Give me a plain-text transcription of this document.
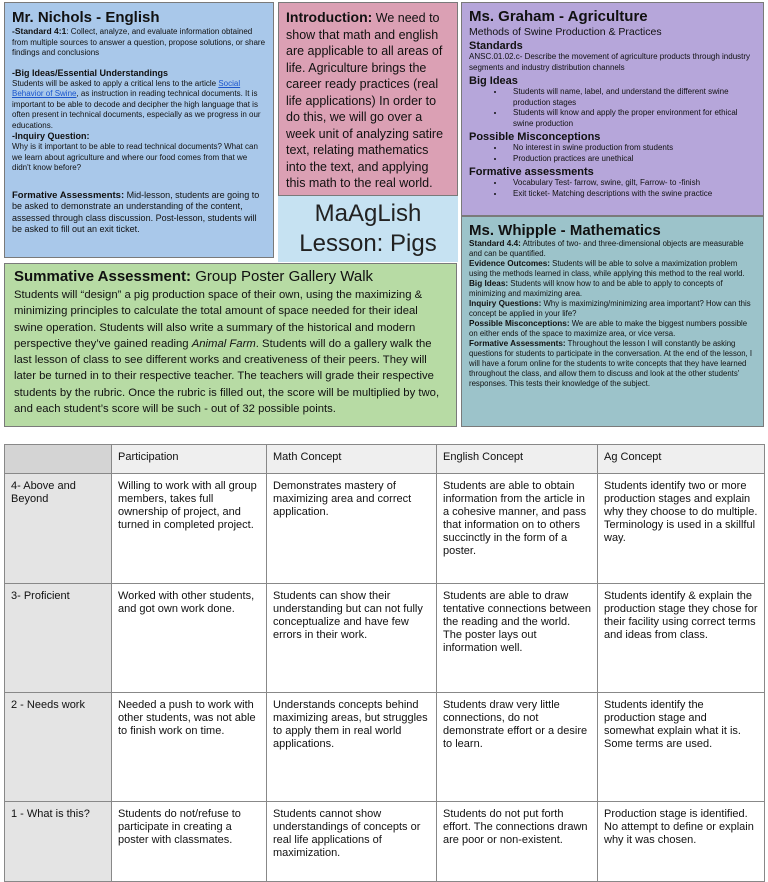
Mr. Nichols - English

-Standard 4:1: Collect, analyze, and evaluate information obtained from multiple sources to answer a question, propose solutions, or share findings and conclusions

-Big Ideas/Essential Understandings

Students will be asked to apply a critical lens to the article Social Behavior of Swine, as instruction in reading technical documents. It is important to be able to decode and decipher the high language that is often present in technical documents, especially as we progress in our educations.

-Inquiry Question:

Why is it important to be able to read technical documents? What can we learn about agriculture and where our food comes from that we didn't know before?

Formative Assessments: Mid-lesson, students are going to be asked to demonstrate an understanding of the content, assessed through class discussion. Post-lesson, students will be asked to fill out an exit ticket.

Introduction: We need to show that math and english are applicable to all areas of life. Agriculture brings the career ready practices (real life applications) In order to do this, we will go over a week unit of analyzing satire text, relating mathematics into the text, and applying this math to the real world.

MaAgLish
Lesson: Pigs
Ms. Graham - Agriculture

Methods of Swine Production & Practices

Standards

ANSC.01.02.c- Describe the movement of agriculture products through industry segments and industry distribution channels

Big Ideas

• Students will name, label, and understand the different swine production stages
• Students will know and apply the proper environment for ethical swine production

Possible Misconceptions

• No interest in swine production from students
• Production practices are unethical

Formative assessments

• Vocabulary Test- farrow, swine, gilt, Farrow- to -finish
• Exit ticket- Matching descriptions with the swine practice
Ms. Whipple - Mathematics

Standard 4.4: Attributes of two- and three-dimensional objects are measurable and can be quantified.

Evidence Outcomes: Students will be able to solve a maximization problem using the methods learned in class, while applying this method to the real world.

Big Ideas: Students will know how to and be able to apply to concepts of minimizing and maximizing area.

Inquiry Questions: Why is maximizing/minimizing area important? How can this concept be applied in your life?

Possible Misconceptions: We are able to make the biggest numbers possible on either ends of the space to maximize area, or vice versa.

Formative Assessments: Throughout the lesson I will constantly be asking questions for students to participate in the conversation. At the end of the lesson, I will have a forum online for the students to write concepts that they have learned throughout the class, and allow them to discuss and look at the other students' responses. This tests their knowledge of the subject.

Summative Assessment: Group Poster Gallery Walk

Students will “design” a pig production space of their own, using the maximizing & minimizing principles to calculate the total amount of space needed for their ideal swine operation. Students will also write a summary of the historical and modern perspective they’ve gained reading Animal Farm. Students will do a gallery walk the last lesson of class to see different works and creativeness of their peers. They will later be turned in to their respective teacher. The teachers will grade their respective students by the rubric. Once the rubric is filled out, the score will be multiplied by two, and each student’s score will be such - out of 32 possible points.

	Participation	Math Concept	English Concept	Ag Concept
4- Above and Beyond	Willing to work with all group members, takes full ownership of project, and turned in completed project.	Demonstrates mastery of maximizing area and correct application.	Students are able to obtain information from the article in a cohesive manner, and pass that information on to others succinctly in the form of a poster.	Students identify two or more production stages and explain why they choose to do multiple. Terminology is used in a skillful way.
3- Proficient	Worked with other students, and got own work done.	Students can show their understanding but can not fully conceptualize and have few errors in their work.	Students are able to draw tentative connections between the reading and the world. The poster lays out information well.	Students identify & explain the production stage they chose for their facility using correct terms and ideas from class.
2 - Needs work	Needed a push to work with other students, was not able to finish work on time.	Understands concepts behind maximizing areas, but struggles to apply them in real world applications.	Students draw very little connections, do not demonstrate effort or a desire to learn.	Students identify the production stage and somewhat explain what it is. Some terms are used.
1 - What is this?	Students do not/refuse to participate in creating a poster with classmates.	Students cannot show understandings of concepts or real life applications of maximization.	Students do not put forth effort. The connections drawn are poor or non-existent.	Production stage is identified. No attempt to define or explain why it was chosen.
